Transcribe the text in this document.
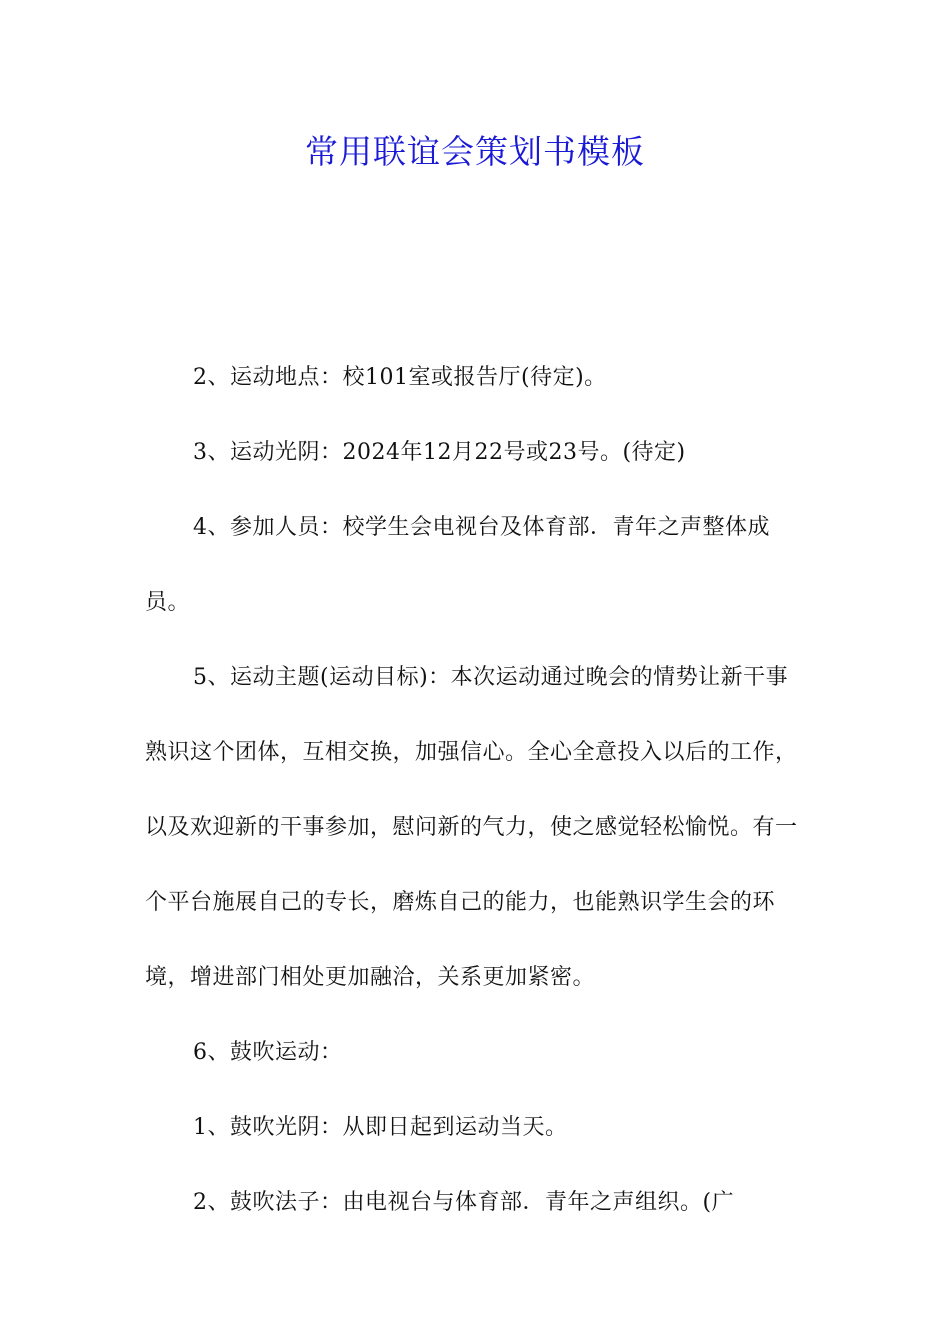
常用联谊会策划书模板

2、运动地点：校101室或报告厅(待定)。

3、运动光阴：2024年12月22号或23号。(待定)

4、参加人员：校学生会电视台及体育部．青年之声整体成员。

5、运动主题(运动目标)：本次运动通过晚会的情势让新干事熟识这个团体，互相交换，加强信心。全心全意投入以后的工作，以及欢迎新的干事参加，慰问新的气力，使之感觉轻松愉悦。有一个平台施展自己的专长，磨炼自己的能力，也能熟识学生会的环境，增进部门相处更加融洽，关系更加紧密。

6、鼓吹运动：

1、鼓吹光阴：从即日起到运动当天。

2、鼓吹法子：由电视台与体育部．青年之声组织。(广
